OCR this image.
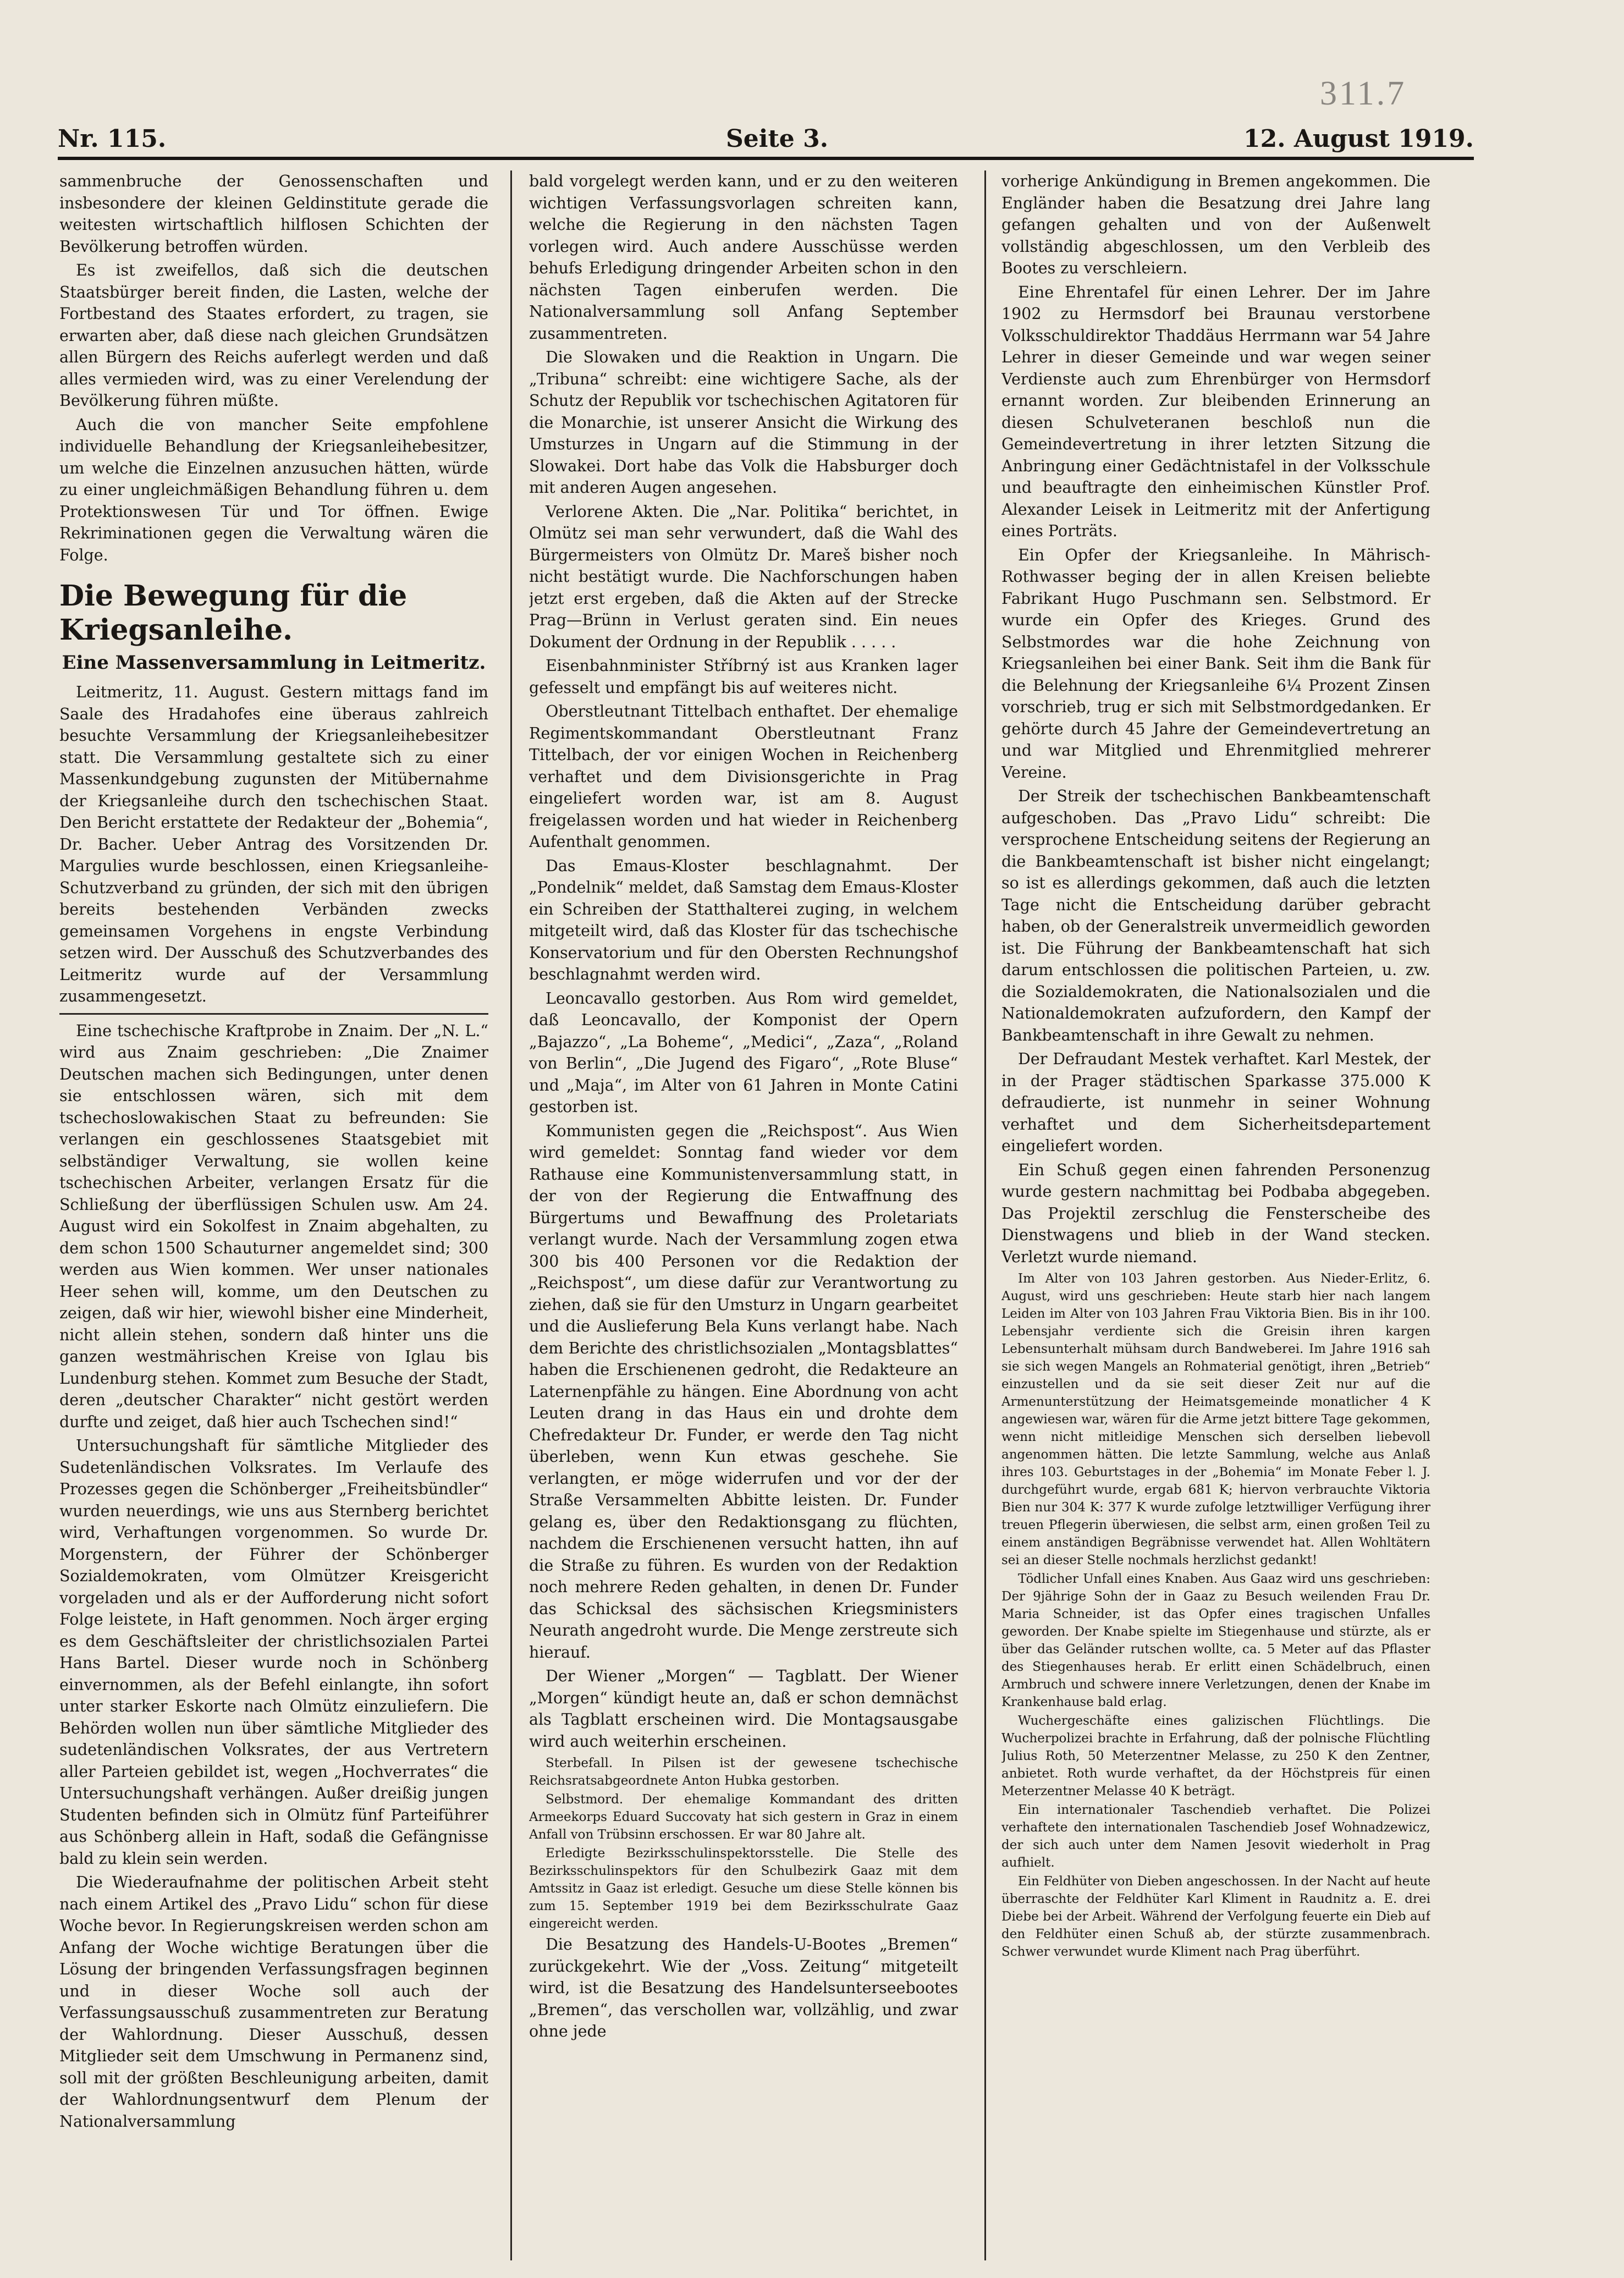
311.7
Nr. 115.	Seite 3.	12. August 1919.

sammenbruche der Genossenschaften und insbesondere der kleinen Geldinstitute gerade die weitesten wirtschaftlich hilflosen Schichten der Bevölkerung betroffen würden.

Es ist zweifellos, daß sich die deutschen Staatsbürger bereit finden, die Lasten, welche der Fortbestand des Staates erfordert, zu tragen, sie erwarten aber, daß diese nach gleichen Grundsätzen allen Bürgern des Reichs auferlegt werden und daß alles vermieden wird, was zu einer Verelendung der Bevölkerung führen müßte.

Auch die von mancher Seite empfohlene individuelle Behandlung der Kriegsanleihebesitzer, um welche die Einzelnen anzusuchen hätten, würde zu einer ungleichmäßigen Behandlung führen u. dem Protektionswesen Tür und Tor öffnen. Ewige Rekriminationen gegen die Verwaltung wären die Folge.

Die Bewegung für die Kriegsanleihe.

Eine Massenversammlung in Leitmeritz.

Leitmeritz, 11. August. Gestern mittags fand im Saale des Hradahofes eine überaus zahlreich besuchte Versammlung der Kriegsanleihebesitzer statt. Die Versammlung gestaltete sich zu einer Massenkundgebung zugunsten der Mitübernahme der Kriegsanleihe durch den tschechischen Staat. Den Bericht erstattete der Redakteur der „Bohemia“, Dr. Bacher. Ueber Antrag des Vorsitzenden Dr. Margulies wurde beschlossen, einen Kriegsanleihe-Schutzverband zu gründen, der sich mit den übrigen bereits bestehenden Verbänden zwecks gemeinsamen Vorgehens in engste Verbindung setzen wird. Der Ausschuß des Schutzverbandes des Leitmeritz wurde auf der Versammlung zusammengesetzt.

Eine tschechische Kraftprobe in Znaim. Der „N. L.“ wird aus Znaim geschrieben: „Die Znaimer Deutschen machen sich Bedingungen, unter denen sie entschlossen wären, sich mit dem tschechoslowakischen Staat zu befreunden: Sie verlangen ein geschlossenes Staatsgebiet mit selbständiger Verwaltung, sie wollen keine tschechischen Arbeiter, verlangen Ersatz für die Schließung der überflüssigen Schulen usw. Am 24. August wird ein Sokolfest in Znaim abgehalten, zu dem schon 1500 Schauturner angemeldet sind; 300 werden aus Wien kommen. Wer unser nationales Heer sehen will, komme, um den Deutschen zu zeigen, daß wir hier, wiewohl bisher eine Minderheit, nicht allein stehen, sondern daß hinter uns die ganzen westmährischen Kreise von Iglau bis Lundenburg stehen. Kommet zum Besuche der Stadt, deren „deutscher Charakter“ nicht gestört werden durfte und zeiget, daß hier auch Tschechen sind!“

Untersuchungshaft für sämtliche Mitglieder des Sudetenländischen Volksrates. Im Verlaufe des Prozesses gegen die Schönberger „Freiheitsbündler“ wurden neuerdings, wie uns aus Sternberg berichtet wird, Verhaftungen vorgenommen. So wurde Dr. Morgenstern, der Führer der Schönberger Sozialdemokraten, vom Olmützer Kreisgericht vorgeladen und als er der Aufforderung nicht sofort Folge leistete, in Haft genommen. Noch ärger erging es dem Geschäftsleiter der christlichsozialen Partei Hans Bartel. Dieser wurde noch in Schönberg einvernommen, als der Befehl einlangte, ihn sofort unter starker Eskorte nach Olmütz einzuliefern. Die Behörden wollen nun über sämtliche Mitglieder des sudetenländischen Volksrates, der aus Vertretern aller Parteien gebildet ist, wegen „Hochverrates“ die Untersuchungshaft verhängen. Außer dreißig jungen Studenten befinden sich in Olmütz fünf Parteiführer aus Schönberg allein in Haft, sodaß die Gefängnisse bald zu klein sein werden.

Die Wiederaufnahme der politischen Arbeit steht nach einem Artikel des „Pravo Lidu“ schon für diese Woche bevor. In Regierungskreisen werden schon am Anfang der Woche wichtige Beratungen über die Lösung der bringenden Verfassungsfragen beginnen und in dieser Woche soll auch der Verfassungsausschuß zusammentreten zur Beratung der Wahlordnung. Dieser Ausschuß, dessen Mitglieder seit dem Umschwung in Permanenz sind, soll mit der größten Beschleunigung arbeiten, damit der Wahlordnungsentwurf dem Plenum der Nationalversammlung

bald vorgelegt werden kann, und er zu den weiteren wichtigen Verfassungsvorlagen schreiten kann, welche die Regierung in den nächsten Tagen vorlegen wird. Auch andere Ausschüsse werden behufs Erledigung dringender Arbeiten schon in den nächsten Tagen einberufen werden. Die Nationalversammlung soll Anfang September zusammentreten.

Die Slowaken und die Reaktion in Ungarn. Die „Tribuna“ schreibt: eine wichtigere Sache, als der Schutz der Republik vor tschechischen Agitatoren für die Monarchie, ist unserer Ansicht die Wirkung des Umsturzes in Ungarn auf die Stimmung in der Slowakei. Dort habe das Volk die Habsburger doch mit anderen Augen angesehen.

Verlorene Akten. Die „Nar. Politika“ berichtet, in Olmütz sei man sehr verwundert, daß die Wahl des Bürgermeisters von Olmütz Dr. Mareš bisher noch nicht bestätigt wurde. Die Nachforschungen haben jetzt erst ergeben, daß die Akten auf der Strecke Prag—Brünn in Verlust geraten sind. Ein neues Dokument der Ordnung in der Republik . . . . .

Eisenbahnminister Stříbrný ist aus Kranken lager gefesselt und empfängt bis auf weiteres nicht.

Oberstleutnant Tittelbach enthaftet. Der ehemalige Regimentskommandant Oberstleutnant Franz Tittelbach, der vor einigen Wochen in Reichenberg verhaftet und dem Divisionsgerichte in Prag eingeliefert worden war, ist am 8. August freigelassen worden und hat wieder in Reichenberg Aufenthalt genommen.

Das Emaus-Kloster beschlagnahmt. Der „Pondelnik“ meldet, daß Samstag dem Emaus-Kloster ein Schreiben der Statthalterei zuging, in welchem mitgeteilt wird, daß das Kloster für das tschechische Konservatorium und für den Obersten Rechnungshof beschlagnahmt werden wird.

Leoncavallo gestorben. Aus Rom wird gemeldet, daß Leoncavallo, der Komponist der Opern „Bajazzo“, „La Boheme“, „Medici“, „Zaza“, „Roland von Berlin“, „Die Jugend des Figaro“, „Rote Bluse“ und „Maja“, im Alter von 61 Jahren in Monte Catini gestorben ist.

Kommunisten gegen die „Reichspost“. Aus Wien wird gemeldet: Sonntag fand wieder vor dem Rathause eine Kommunistenversammlung statt, in der von der Regierung die Entwaffnung des Bürgertums und Bewaffnung des Proletariats verlangt wurde. Nach der Versammlung zogen etwa 300 bis 400 Personen vor die Redaktion der „Reichspost“, um diese dafür zur Verantwortung zu ziehen, daß sie für den Umsturz in Ungarn gearbeitet und die Auslieferung Bela Kuns verlangt habe. Nach dem Berichte des christlichsozialen „Montagsblattes“ haben die Erschienenen gedroht, die Redakteure an Laternenpfähle zu hängen. Eine Abordnung von acht Leuten drang in das Haus ein und drohte dem Chefredakteur Dr. Funder, er werde den Tag nicht überleben, wenn Kun etwas geschehe. Sie verlangten, er möge widerrufen und vor der der Straße Versammelten Abbitte leisten. Dr. Funder gelang es, über den Redaktionsgang zu flüchten, nachdem die Erschienenen versucht hatten, ihn auf die Straße zu führen. Es wurden von der Redaktion noch mehrere Reden gehalten, in denen Dr. Funder das Schicksal des sächsischen Kriegsministers Neurath angedroht wurde. Die Menge zerstreute sich hierauf.

Der Wiener „Morgen“ — Tagblatt. Der Wiener „Morgen“ kündigt heute an, daß er schon demnächst als Tagblatt erscheinen wird. Die Montagsausgabe wird auch weiterhin erscheinen.

Sterbefall. In Pilsen ist der gewesene tschechische Reichsratsabgeordnete Anton Hubka gestorben.

Selbstmord. Der ehemalige Kommandant des dritten Armeekorps Eduard Succovaty hat sich gestern in Graz in einem Anfall von Trübsinn erschossen. Er war 80 Jahre alt.

Erledigte Bezirksschulinspektorsstelle. Die Stelle des Bezirksschulinspektors für den Schulbezirk Gaaz mit dem Amtssitz in Gaaz ist erledigt. Gesuche um diese Stelle können bis zum 15. September 1919 bei dem Bezirksschulrate Gaaz eingereicht werden.

Die Besatzung des Handels-U-Bootes „Bremen“ zurückgekehrt. Wie der „Voss. Zeitung“ mitgeteilt wird, ist die Besatzung des Handelsunterseebootes „Bremen“, das verschollen war, vollzählig, und zwar ohne jede

vorherige Ankündigung in Bremen angekommen. Die Engländer haben die Besatzung drei Jahre lang gefangen gehalten und von der Außenwelt vollständig abgeschlossen, um den Verbleib des Bootes zu verschleiern.

Eine Ehrentafel für einen Lehrer. Der im Jahre 1902 zu Hermsdorf bei Braunau verstorbene Volksschuldirektor Thaddäus Herrmann war 54 Jahre Lehrer in dieser Gemeinde und war wegen seiner Verdienste auch zum Ehrenbürger von Hermsdorf ernannt worden. Zur bleibenden Erinnerung an diesen Schulveteranen beschloß nun die Gemeindevertretung in ihrer letzten Sitzung die Anbringung einer Gedächtnistafel in der Volksschule und beauftragte den einheimischen Künstler Prof. Alexander Leisek in Leitmeritz mit der Anfertigung eines Porträts.

Ein Opfer der Kriegsanleihe. In Mährisch-Rothwasser beging der in allen Kreisen beliebte Fabrikant Hugo Puschmann sen. Selbstmord. Er wurde ein Opfer des Krieges. Grund des Selbstmordes war die hohe Zeichnung von Kriegsanleihen bei einer Bank. Seit ihm die Bank für die Belehnung der Kriegsanleihe 6¼ Prozent Zinsen vorschrieb, trug er sich mit Selbstmordgedanken. Er gehörte durch 45 Jahre der Gemeindevertretung an und war Mitglied und Ehrenmitglied mehrerer Vereine.

Der Streik der tschechischen Bankbeamtenschaft aufgeschoben. Das „Pravo Lidu“ schreibt: Die versprochene Entscheidung seitens der Regierung an die Bankbeamtenschaft ist bisher nicht eingelangt; so ist es allerdings gekommen, daß auch die letzten Tage nicht die Entscheidung darüber gebracht haben, ob der Generalstreik unvermeidlich geworden ist. Die Führung der Bankbeamtenschaft hat sich darum entschlossen die politischen Parteien, u. zw. die Sozialdemokraten, die Nationalsozialen und die Nationaldemokraten aufzufordern, den Kampf der Bankbeamtenschaft in ihre Gewalt zu nehmen.

Der Defraudant Mestek verhaftet. Karl Mestek, der in der Prager städtischen Sparkasse 375.000 K defraudierte, ist nunmehr in seiner Wohnung verhaftet und dem Sicherheitsdepartement eingeliefert worden.

Ein Schuß gegen einen fahrenden Personenzug wurde gestern nachmittag bei Podbaba abgegeben. Das Projektil zerschlug die Fensterscheibe des Dienstwagens und blieb in der Wand stecken. Verletzt wurde niemand.

Im Alter von 103 Jahren gestorben. Aus Nieder-Erlitz, 6. August, wird uns geschrieben: Heute starb hier nach langem Leiden im Alter von 103 Jahren Frau Viktoria Bien. Bis in ihr 100. Lebensjahr verdiente sich die Greisin ihren kargen Lebensunterhalt mühsam durch Bandweberei. Im Jahre 1916 sah sie sich wegen Mangels an Rohmaterial genötigt, ihren „Betrieb“ einzustellen und da sie seit dieser Zeit nur auf die Armenunterstützung der Heimatsgemeinde monatlicher 4 K angewiesen war, wären für die Arme jetzt bittere Tage gekommen, wenn nicht mitleidige Menschen sich derselben liebevoll angenommen hätten. Die letzte Sammlung, welche aus Anlaß ihres 103. Geburtstages in der „Bohemia“ im Monate Feber l. J. durchgeführt wurde, ergab 681 K; hiervon verbrauchte Viktoria Bien nur 304 K: 377 K wurde zufolge letztwilliger Verfügung ihrer treuen Pflegerin überwiesen, die selbst arm, einen großen Teil zu einem anständigen Begräbnisse verwendet hat. Allen Wohltätern sei an dieser Stelle nochmals herzlichst gedankt!

Tödlicher Unfall eines Knaben. Aus Gaaz wird uns geschrieben: Der 9jährige Sohn der in Gaaz zu Besuch weilenden Frau Dr. Maria Schneider, ist das Opfer eines tragischen Unfalles geworden. Der Knabe spielte im Stiegenhause und stürzte, als er über das Geländer rutschen wollte, ca. 5 Meter auf das Pflaster des Stiegenhauses herab. Er erlitt einen Schädelbruch, einen Armbruch und schwere innere Verletzungen, denen der Knabe im Krankenhause bald erlag.

Wuchergeschäfte eines galizischen Flüchtlings. Die Wucherpolizei brachte in Erfahrung, daß der polnische Flüchtling Julius Roth, 50 Meterzentner Melasse, zu 250 K den Zentner, anbietet. Roth wurde verhaftet, da der Höchstpreis für einen Meterzentner Melasse 40 K beträgt.

Ein internationaler Taschendieb verhaftet. Die Polizei verhaftete den internationalen Taschendieb Josef Wohnadzewicz, der sich auch unter dem Namen Jesovit wiederholt in Prag aufhielt.

Ein Feldhüter von Dieben angeschossen. In der Nacht auf heute überraschte der Feldhüter Karl Kliment in Raudnitz a. E. drei Diebe bei der Arbeit. Während der Verfolgung feuerte ein Dieb auf den Feldhüter einen Schuß ab, der stürzte zusammenbrach. Schwer verwundet wurde Kliment nach Prag überführt.
